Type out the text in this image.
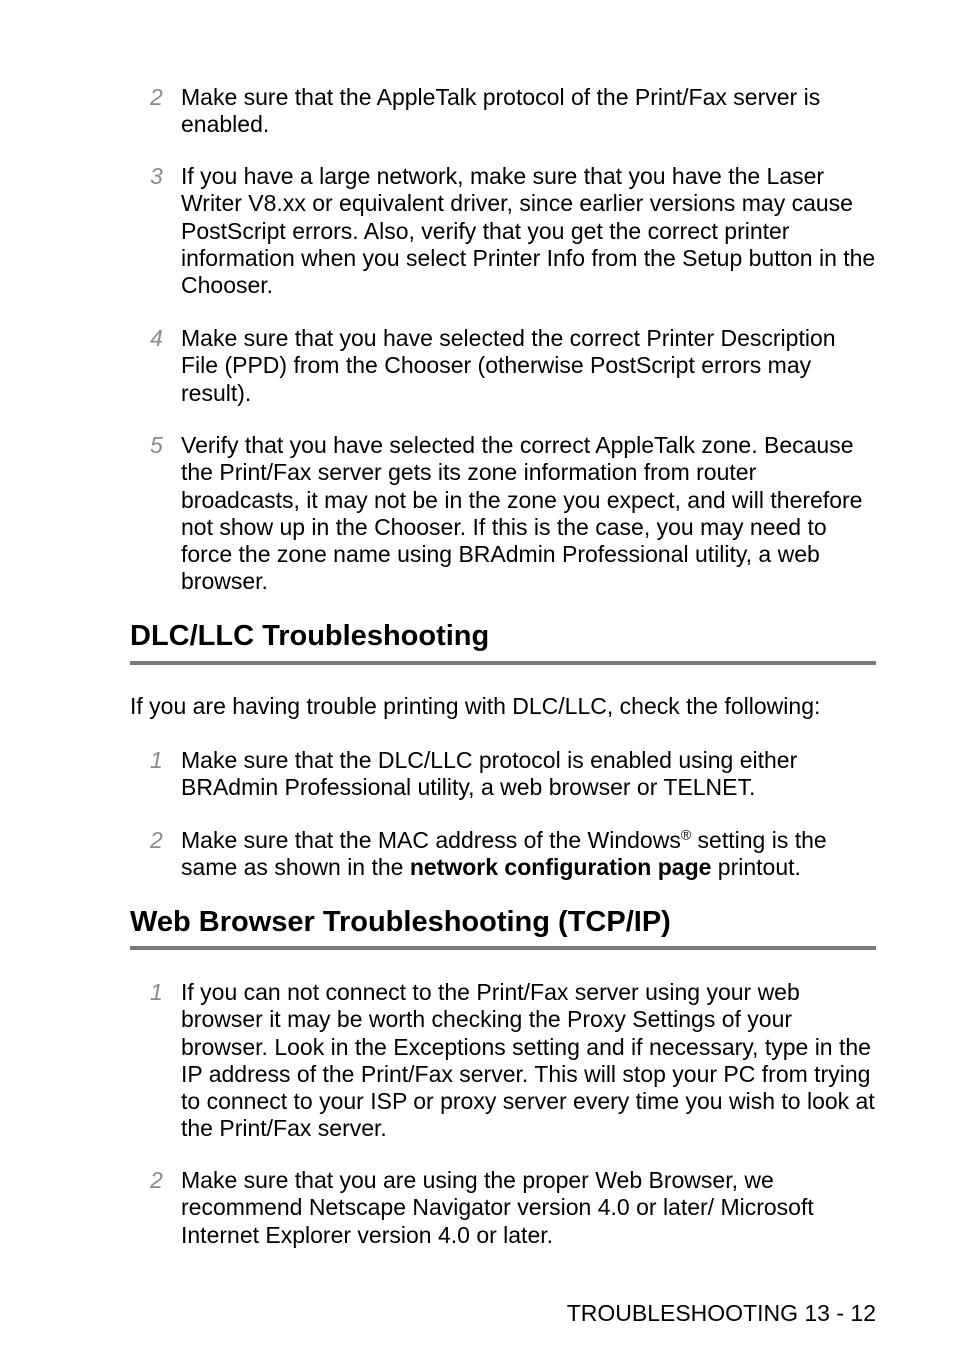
2 Make sure that the AppleTalk protocol of the Print/Fax server is enabled.
3 If you have a large network, make sure that you have the Laser Writer V8.xx or equivalent driver, since earlier versions may cause PostScript errors. Also, verify that you get the correct printer information when you select Printer Info from the Setup button in the Chooser.
4 Make sure that you have selected the correct Printer Description File (PPD) from the Chooser (otherwise PostScript errors may result).
5 Verify that you have selected the correct AppleTalk zone. Because the Print/Fax server gets its zone information from router broadcasts, it may not be in the zone you expect, and will therefore not show up in the Chooser. If this is the case, you may need to force the zone name using BRAdmin Professional utility, a web browser.
DLC/LLC Troubleshooting
If you are having trouble printing with DLC/LLC, check the following:
1 Make sure that the DLC/LLC protocol is enabled using either BRAdmin Professional utility, a web browser or TELNET.
2 Make sure that the MAC address of the Windows® setting is the same as shown in the network configuration page printout.
Web Browser Troubleshooting (TCP/IP)
1 If you can not connect to the Print/Fax server using your web browser it may be worth checking the Proxy Settings of your browser. Look in the Exceptions setting and if necessary, type in the IP address of the Print/Fax server. This will stop your PC from trying to connect to your ISP or proxy server every time you wish to look at the Print/Fax server.
2 Make sure that you are using the proper Web Browser, we recommend Netscape Navigator version 4.0 or later/ Microsoft Internet Explorer version 4.0 or later.
TROUBLESHOOTING 13 - 12
